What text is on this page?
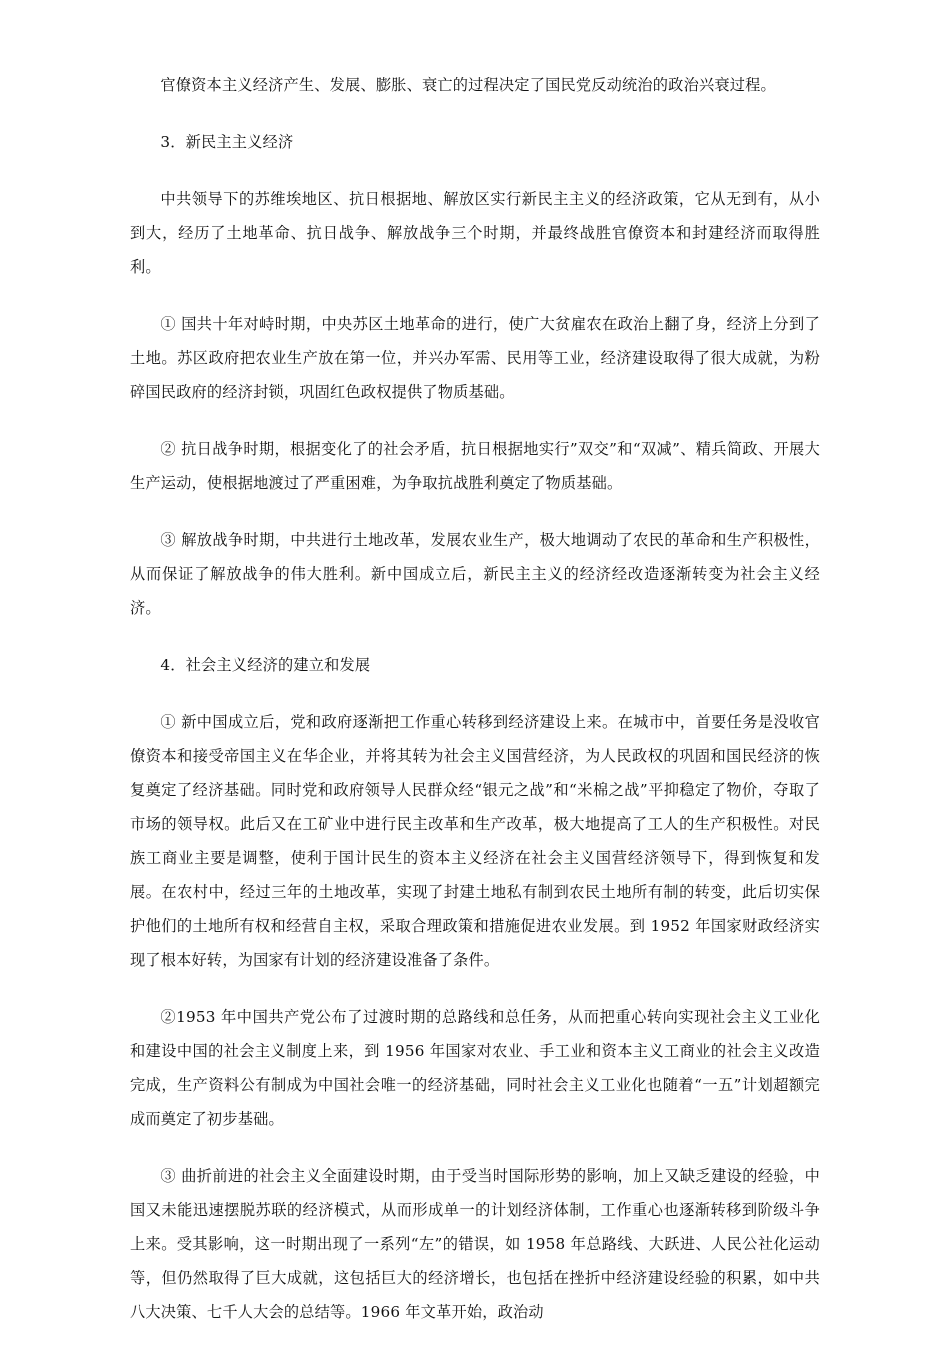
官僚资本主义经济产生、发展、膨胀、衰亡的过程决定了国民党反动统治的政治兴衰过程。

3．新民主主义经济

中共领导下的苏维埃地区、抗日根据地、解放区实行新民主主义的经济政策，它从无到有，从小到大，经历了土地革命、抗日战争、解放战争三个时期，并最终战胜官僚资本和封建经济而取得胜利。

① 国共十年对峙时期，中央苏区土地革命的进行，使广大贫雇农在政治上翻了身，经济上分到了土地。苏区政府把农业生产放在第一位，并兴办军需、民用等工业，经济建设取得了很大成就，为粉碎国民政府的经济封锁，巩固红色政权提供了物质基础。

② 抗日战争时期，根据变化了的社会矛盾，抗日根据地实行”双交”和“双减”、精兵简政、开展大生产运动，使根据地渡过了严重困难，为争取抗战胜利奠定了物质基础。

③ 解放战争时期，中共进行土地改革，发展农业生产，极大地调动了农民的革命和生产积极性，从而保证了解放战争的伟大胜利。新中国成立后，新民主主义的经济经改造逐渐转变为社会主义经济。

4．社会主义经济的建立和发展

① 新中国成立后，党和政府逐渐把工作重心转移到经济建设上来。在城市中，首要任务是没收官僚资本和接受帝国主义在华企业，并将其转为社会主义国营经济，为人民政权的巩固和国民经济的恢复奠定了经济基础。同时党和政府领导人民群众经“银元之战”和“米棉之战”平抑稳定了物价，夺取了市场的领导权。此后又在工矿业中进行民主改革和生产改革，极大地提高了工人的生产积极性。对民族工商业主要是调整，使利于国计民生的资本主义经济在社会主义国营经济领导下，得到恢复和发展。在农村中，经过三年的土地改革，实现了封建土地私有制到农民土地所有制的转变，此后切实保护他们的土地所有权和经营自主权，采取合理政策和措施促进农业发展。到 1952 年国家财政经济实现了根本好转，为国家有计划的经济建设准备了条件。

②1953 年中国共产党公布了过渡时期的总路线和总任务，从而把重心转向实现社会主义工业化和建设中国的社会主义制度上来，到 1956 年国家对农业、手工业和资本主义工商业的社会主义改造完成，生产资料公有制成为中国社会唯一的经济基础，同时社会主义工业化也随着“一五”计划超额完成而奠定了初步基础。

③ 曲折前进的社会主义全面建设时期，由于受当时国际形势的影响，加上又缺乏建设的经验，中国又未能迅速摆脱苏联的经济模式，从而形成单一的计划经济体制，工作重心也逐渐转移到阶级斗争上来。受其影响，这一时期出现了一系列“左”的错误，如 1958 年总路线、大跃进、人民公社化运动等，但仍然取得了巨大成就，这包括巨大的经济增长，也包括在挫折中经济建设经验的积累，如中共八大决策、七千人大会的总结等。1966 年文革开始，政治动
